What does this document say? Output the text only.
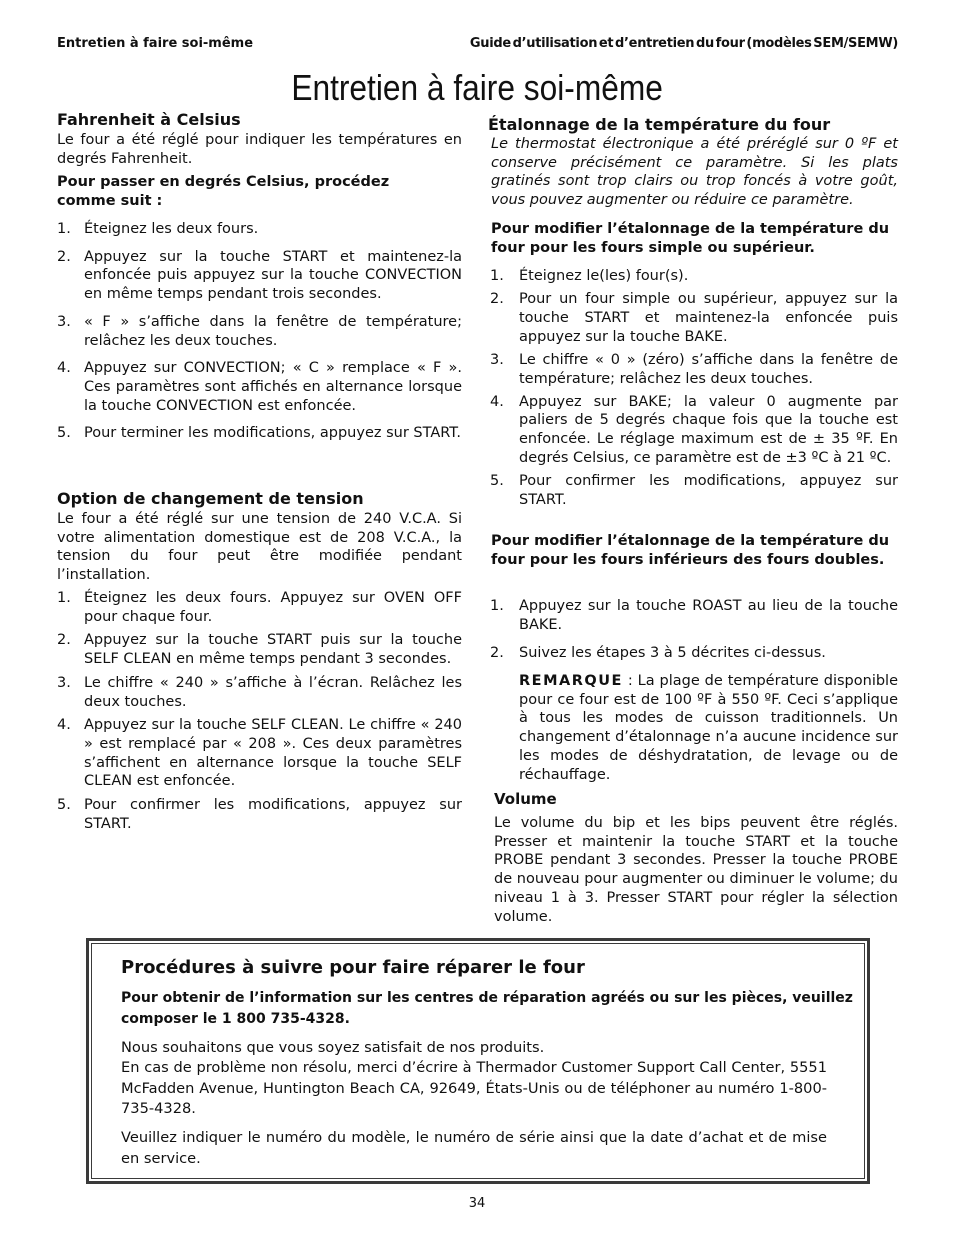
Entretien à faire soi-même	Guide d’utilisation et d’entretien du four (modèles SEM/SEMW)
Entretien à faire soi-même
Fahrenheit à Celsius
Le four a été réglé pour indiquer les températures en degrés Fahrenheit.
Pour passer en degrés Celsius, procédez comme suit :
1. Éteignez les deux fours.
2. Appuyez sur la touche START et maintenez-la enfoncée puis appuyez sur la touche CONVECTION en même temps pendant trois secondes.
3. « F » s’affiche dans la fenêtre de température; relâchez les deux touches.
4. Appuyez sur CONVECTION; « C » remplace « F ». Ces paramètres sont affichés en alternance lorsque la touche CONVECTION est enfoncée.
5. Pour terminer les modifications, appuyez sur START.
Option de changement de tension
Le four a été réglé sur une tension de 240 V.C.A. Si votre alimentation domestique est de 208 V.C.A., la tension du four peut être modifiée pendant l’installation.
1. Éteignez les deux fours. Appuyez sur OVEN OFF pour chaque four.
2. Appuyez sur la touche START puis sur la touche SELF CLEAN en même temps pendant 3 secondes.
3. Le chiffre « 240 » s’affiche à l’écran. Relâchez les deux touches.
4. Appuyez sur la touche SELF CLEAN. Le chiffre « 240 » est remplacé par « 208 ». Ces deux paramètres s’affichent en alternance lorsque la touche SELF CLEAN est enfoncée.
5. Pour confirmer les modifications, appuyez sur START.
Étalonnage de la température du four
Le thermostat électronique a été préréglé sur 0 ºF et conserve précisément ce paramètre. Si les plats gratinés sont trop clairs ou trop foncés à votre goût, vous pouvez augmenter ou réduire ce paramètre.
Pour modifier l’étalonnage de la température du four pour les fours simple ou supérieur.
1.	Éteignez le(les) four(s).
2.	Pour un four simple ou supérieur, appuyez sur la touche START et maintenez-la enfoncée puis appuyez sur la touche BAKE.
3.	Le chiffre « 0 » (zéro) s’affiche dans la fenêtre de température; relâchez les deux touches.
4.	Appuyez sur BAKE; la valeur 0 augmente par paliers de 5 degrés chaque fois que la touche est enfoncée. Le réglage maximum est de ± 35 ºF. En degrés Celsius, ce paramètre est de ±3 ºC à 21 ºC.
5.	Pour confirmer les modifications, appuyez sur START.
Pour modifier l’étalonnage de la température du four pour les fours inférieurs des fours doubles.
1.	Appuyez sur la touche ROAST au lieu de la touche BAKE.
2.	Suivez les étapes 3 à 5 décrites ci-dessus.
REMARQUE : La plage de température disponible pour ce four est de 100 ºF à 550 ºF. Ceci s’applique à tous les modes de cuisson traditionnels. Un changement d’étalonnage n’a aucune incidence sur les modes de déshydratation, de levage ou de réchauffage.
Volume
Le volume du bip et les bips peuvent être réglés. Presser et maintenir la touche START et la touche PROBE pendant 3 secondes. Presser la touche PROBE de nouveau pour augmenter ou diminuer le volume; du niveau 1 à 3. Presser START pour régler la sélection volume.
Procédures à suivre pour faire réparer le four
Pour obtenir de l’information sur les centres de réparation agréés ou sur les pièces, veuillez composer le 1 800 735-4328.
Nous souhaitons que vous soyez satisfait de nos produits.
En cas de problème non résolu, merci d’écrire à Thermador Customer Support Call Center, 5551 McFadden Avenue, Huntington Beach CA, 92649, États-Unis ou de téléphoner au numéro 1-800-735-4328.
Veuillez indiquer le numéro du modèle, le numéro de série ainsi que la date d’achat et de mise en service.
34
